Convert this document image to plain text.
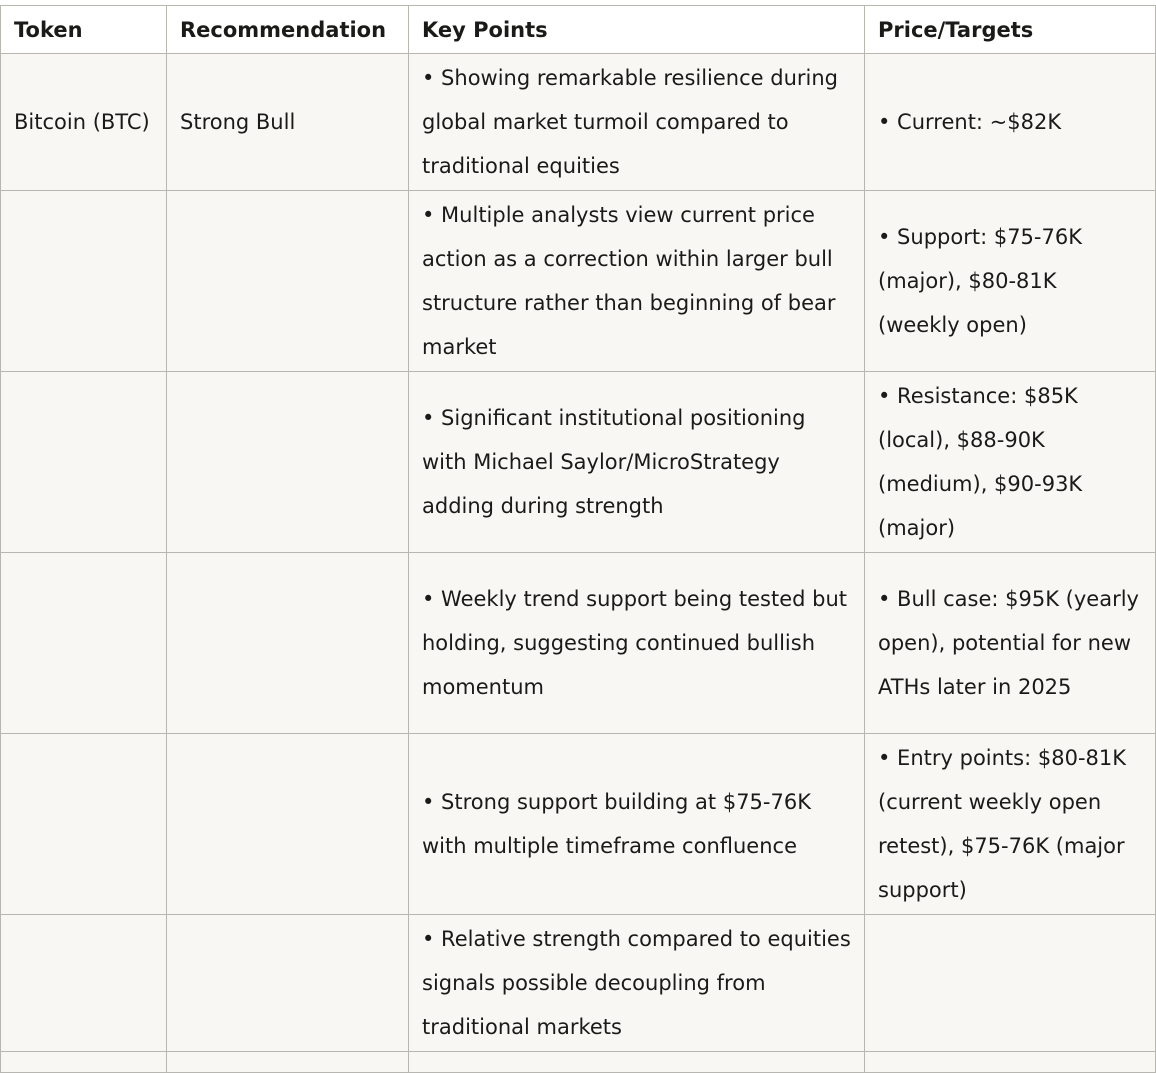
Token	Recommendation	Key Points	Price/Targets
Bitcoin (BTC)	Strong Bull	• Showing remarkable resilience during global market turmoil compared to traditional equities	• Current: ~$82K
		• Multiple analysts view current price action as a correction within larger bull structure rather than beginning of bear market	• Support: $75-76K (major), $80-81K (weekly open)
		• Significant institutional positioning with Michael Saylor/MicroStrategy adding during strength	• Resistance: $85K (local), $88-90K (medium), $90-93K (major)
		• Weekly trend support being tested but holding, suggesting continued bullish momentum	• Bull case: $95K (yearly open), potential for new ATHs later in 2025
		• Strong support building at $75-76K with multiple timeframe confluence	• Entry points: $80-81K (current weekly open retest), $75-76K (major support)
		• Relative strength compared to equities signals possible decoupling from traditional markets	
